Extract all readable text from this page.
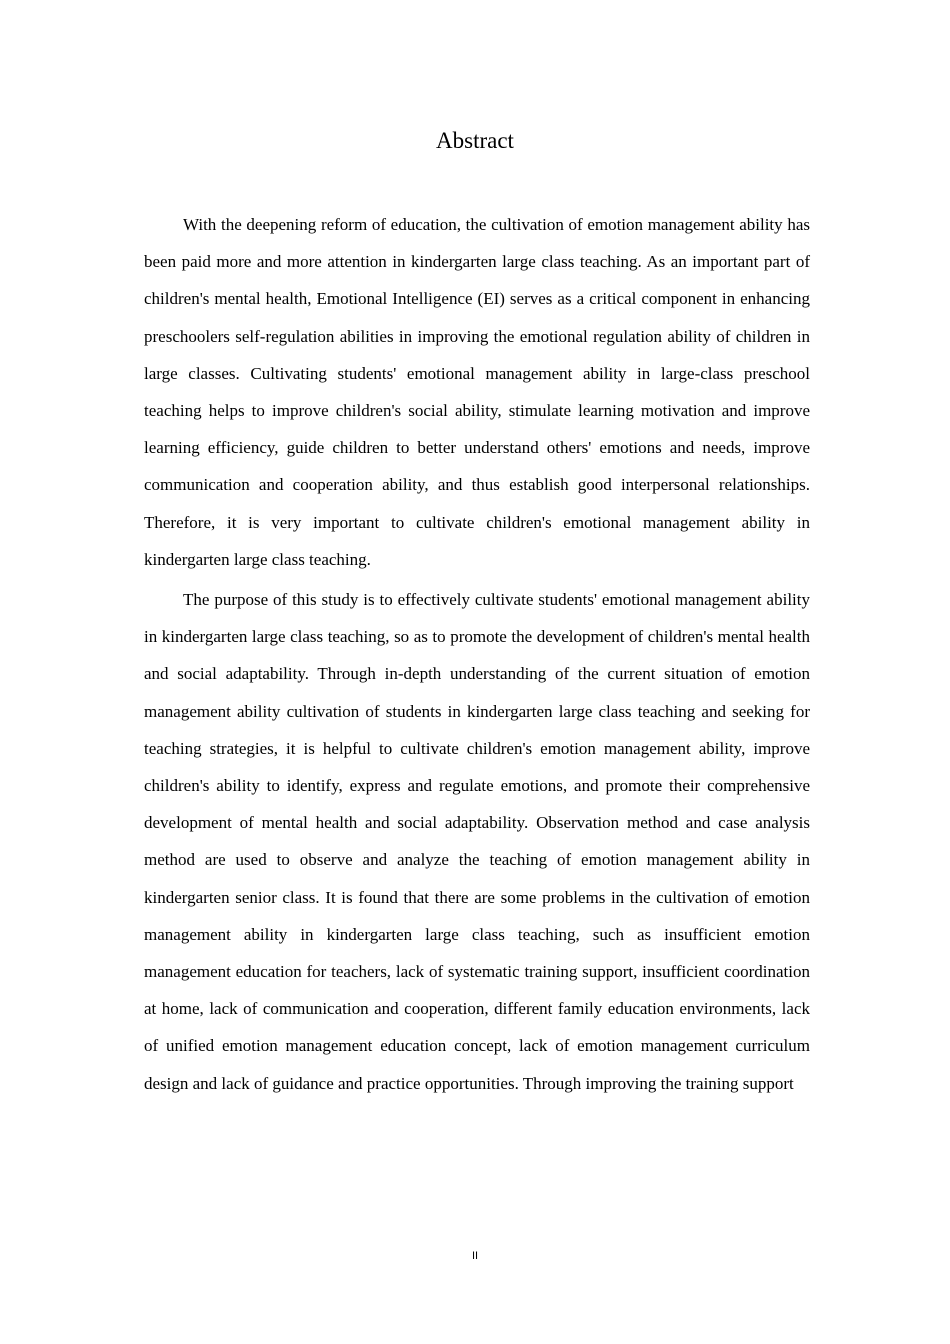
Abstract

With the deepening reform of education, the cultivation of emotion management ability has been paid more and more attention in kindergarten large class teaching. As an important part of children's mental health, Emotional Intelligence (EI) serves as a critical component in enhancing preschoolers self-regulation abilities in improving the emotional regulation ability of children in large classes. Cultivating students' emotional management ability in large-class preschool teaching helps to improve children's social ability, stimulate learning motivation and improve learning efficiency, guide children to better understand others' emotions and needs, improve communication and cooperation ability, and thus establish good interpersonal relationships. Therefore, it is very important to cultivate children's emotional management ability in kindergarten large class teaching.

The purpose of this study is to effectively cultivate students' emotional management ability in kindergarten large class teaching, so as to promote the development of children's mental health and social adaptability. Through in-depth understanding of the current situation of emotion management ability cultivation of students in kindergarten large class teaching and seeking for teaching strategies, it is helpful to cultivate children's emotion management ability, improve children's ability to identify, express and regulate emotions, and promote their comprehensive development of mental health and social adaptability. Observation method and case analysis method are used to observe and analyze the teaching of emotion management ability in kindergarten senior class. It is found that there are some problems in the cultivation of emotion management ability in kindergarten large class teaching, such as insufficient emotion management education for teachers, lack of systematic training support, insufficient coordination at home, lack of communication and cooperation, different family education environments, lack of unified emotion management education concept, lack of emotion management curriculum design and lack of guidance and practice opportunities. Through improving the training support

II
